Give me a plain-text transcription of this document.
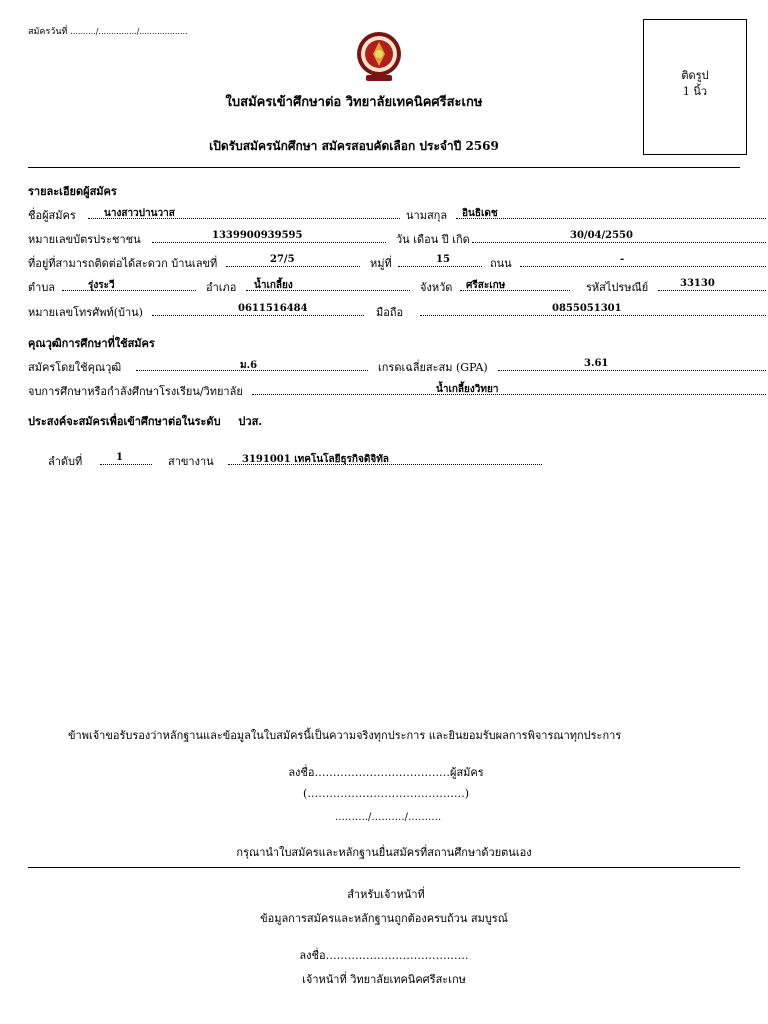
สมัครวันที่ ........../.............../...................
ติดรูป
1 นิ้ว
ใบสมัครเข้าศึกษาต่อ วิทยาลัยเทคนิคศรีสะเกษ
เปิดรับสมัครนักศึกษา สมัครสอบคัดเลือก ประจำปี 2569
รายละเอียดผู้สมัคร
ชื่อผู้สมัคร	นางสาวปานวาส	นามสกุล อินธิเดช
หมายเลขบัตรประชาชน	1339900939595	วัน เดือน ปี เกิด	30/04/2550
ที่อยู่ที่สามารถติดต่อได้สะดวก บ้านเลขที่	27/5	หมู่ที่	15	ถนน	-
ตำบล	รุ่งระวี	อำเภอ น้ำเกลี้ยง	จังหวัด ศรีสะเกษ	รหัสไปรษณีย์	33130
หมายเลขโทรศัพท์(บ้าน)	0611516484	มือถือ	0855051301
คุณวุฒิการศึกษาที่ใช้สมัคร
สมัครโดยใช้คุณวุฒิ	ม.6	เกรดเฉลี่ยสะสม (GPA)	3.61
จบการศึกษาหรือกำลังศึกษาโรงเรียน/วิทยาลัย	น้ำเกลี้ยงวิทยา
ประสงค์จะสมัครเพื่อเข้าศึกษาต่อในระดับ ปวส.
ลำดับที่	1	สาขางาน	3191001 เทคโนโลยีธุรกิจดิจิทัล
ข้าพเจ้าขอรับรองว่าหลักฐานและข้อมูลในใบสมัครนี้เป็นความจริงทุกประการ และยินยอมรับผลการพิจารณาทุกประการ
ลงชื่อ…………………………….…ผู้สมัคร
(…………………………………….)
………./………./……….
กรุณานำใบสมัครและหลักฐานยื่นสมัครที่สถานศึกษาด้วยตนเอง
สำหรับเจ้าหน้าที่
ข้อมูลการสมัครและหลักฐานถูกต้องครบถ้วน สมบูรณ์
ลงชื่อ…………………………………
เจ้าหน้าที่ วิทยาลัยเทคนิคศรีสะเกษ
